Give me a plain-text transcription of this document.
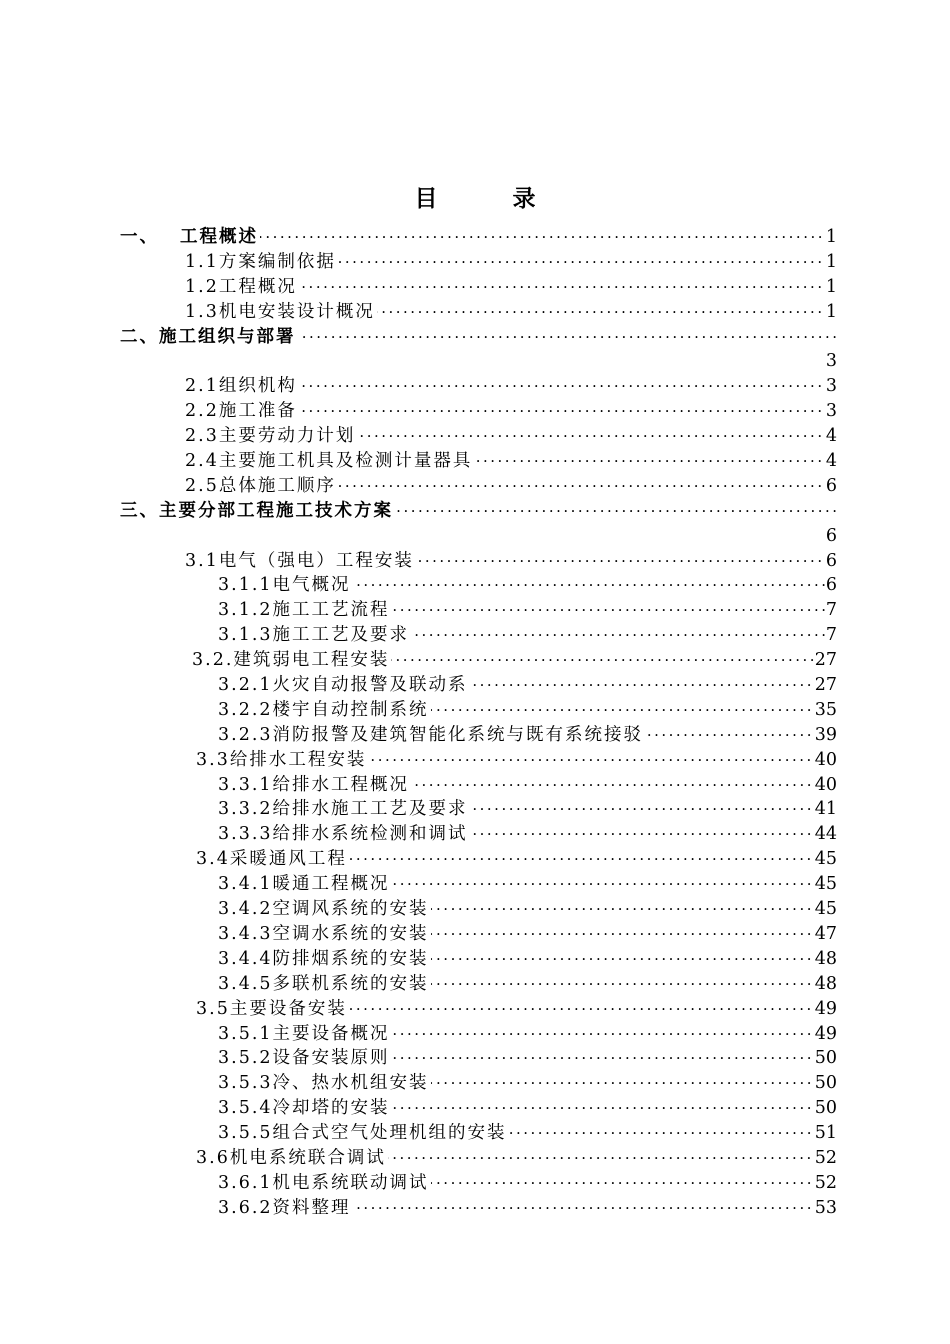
目　录
·····
一、 工程概述	1
·····
1.1方案编制依据	1
·····
1.2工程概况	1
·····
1.3机电安装设计概况	1
·····
二、施工组织与部署
3
·····
2.1组织机构	3
·····
2.2施工准备	3
·····
2.3主要劳动力计划	4
·····
2.4主要施工机具及检测计量器具	4
·····
2.5总体施工顺序	6
·····
三、主要分部工程施工技术方案
6
·····
3.1电气（强电）工程安装	6
·····
3.1.1电气概况	6
·····
3.1.2施工工艺流程	7
·····
3.1.3施工工艺及要求	7
·····
3.2.建筑弱电工程安装	27
·····
3.2.1火灾自动报警及联动系	27
·····
3.2.2楼宇自动控制系统	35
·····
3.2.3消防报警及建筑智能化系统与既有系统接驳	39
·····
3.3给排水工程安装	40
·····
3.3.1给排水工程概况	40
·····
3.3.2给排水施工工艺及要求	41
·····
3.3.3给排水系统检测和调试	44
·····
3.4采暖通风工程	45
·····
3.4.1暖通工程概况	45
·····
3.4.2空调风系统的安装	45
·····
3.4.3空调水系统的安装	47
·····
3.4.4防排烟系统的安装	48
·····
3.4.5多联机系统的安装	48
·····
3.5主要设备安装	49
·····
3.5.1主要设备概况	49
·····
3.5.2设备安装原则	50
·····
3.5.3冷、热水机组安装	50
·····
3.5.4冷却塔的安装	50
·····
3.5.5组合式空气处理机组的安装	51
·····
3.6机电系统联合调试	52
·····
3.6.1机电系统联动调试	52
·····
3.6.2资料整理	53
